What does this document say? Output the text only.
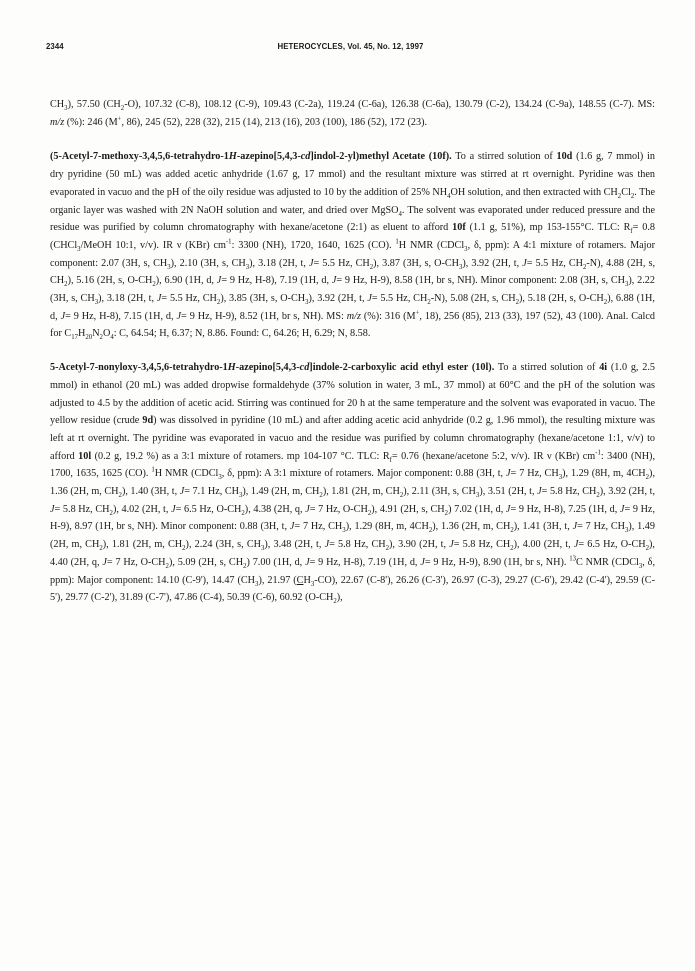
2344	HETEROCYCLES, Vol. 45, No. 12, 1997

$CH_3$), 57.50 $(CH_2-O)$, 107.32 (C-8), 108.12 (C-9), 109.43 (C-2a), 119.24 (C-6a), 126.38 (C-6a), 130.79 (C-2), 134.24 (C-9a), 148.55 (C-7). MS: m/z (%): 246 (M+, 86), 245 (52), 228 (32), 215 (14), 213 (16), 203 (100), 186 (52), 172 (23).

(5-Acetyl-7-methoxy-3,4,5,6-tetrahydro-1H-azepino[5,4,3-cd]indol-2-yl)methyl Acetate (10f). To a stirred solution of 10d (1.6 g, 7 mmol) in dry pyridine (50 mL) was added acetic anhydride (1.67 g, 17 mmol) and the resultant mixture was stirred at rt overnight. Pyridine was then evaporated in vacuo and the pH of the oily residue was adjusted to 10 by the addition of 25% $NH_4OH$ solution, and then extracted with $CH_2Cl_2$. The organic layer was washed with 2N NaOH solution and water, and dried over MgSO$_4$. The solvent was evaporated under reduced pressure and the residue was purified by column chromatography with hexane/acetone (2:1) as eluent to afford 10f (1.1 g, 51%), mp 153-155°C. TLC: $R_f= 0.8$ (CHCl$_3$/MeOH 10:1, v/v). IR ν (KBr) $cm^{-1}$: 3300 (NH), 1720, 1640, 1625 (CO). $^1$H NMR (CDCl$_3$, δ, ppm): A 4:1 mixture of rotamers. Major component: 2.07 (3H, s, $CH_3$), 2.10 (3H, s, $CH_3$), 3.18 (2H, t, J= 5.5 Hz, $CH_2$), 3.87 (3H, s, $O-CH_3$), 3.92 (2H, t, J= 5.5 Hz, $CH_2-N$), 4.88 (2H, s, $CH_2$), 5.16 (2H, s, $O-CH_2$), 6.90 (1H, d, J= 9 Hz, H-8), 7.19 (1H, d, J= 9 Hz, H-9), 8.58 (1H, br s, NH). Minor component: 2.08 (3H, s, $CH_3$), 2.22 (3H, s, $CH_3$), 3.18 (2H, t, J= 5.5 Hz, $CH_2$), 3.85 (3H, s, $O-CH_3$), 3.92 (2H, t, J= 5.5 Hz, $CH_2-N$), 5.08 (2H, s, $CH_2$), 5.18 (2H, s, $O-CH_2$), 6.88 (1H, d, J= 9 Hz, H-8), 7.15 (1H, d, J= 9 Hz, H-9), 8.52 (1H, br s, NH). MS: m/z (%): 316 (M+, 18), 256 (85), 213 (33), 197 (52), 43 (100). Anal. Calcd for $C_{17}H_{20}N_2O_4$: C, 64.54; H, 6.37; N, 8.86. Found: C, 64.26; H, 6.29; N, 8.58.

5-Acetyl-7-nonyloxy-3,4,5,6-tetrahydro-1H-azepino[5,4,3-cd]indole-2-carboxylic acid ethyl ester (10l). To a stirred solution of 4i (1.0 g, 2.5 mmol) in ethanol (20 mL) was added dropwise formaldehyde (37% solution in water, 3 mL, 37 mmol) at 60°C and the pH of the solution was adjusted to 4.5 by the addition of acetic acid. Stirring was continued for 20 h at the same temperature and the solvent was evaporated in vacuo. The yellow residue (crude 9d) was dissolved in pyridine (10 mL) and after adding acetic acid anhydride (0.2 g, 1.96 mmol), the resulting mixture was left at rt overnight. The pyridine was evaporated in vacuo and the residue was purified by column chromatography (hexane/acetone 1:1, v/v) to afford 10l (0.2 g, 19.2 %) as a 3:1 mixture of rotamers. mp 104-107 °C. TLC: $R_f= 0.76$ (hexane/acetone 5:2, v/v). IR ν (KBr) $cm^{-1}$: 3400 (NH), 1700, 1635, 1625 (CO). $^1$H NMR (CDCl$_3$, δ, ppm): A 3:1 mixture of rotamers. Major component: 0.88 (3H, t, J= 7 Hz, $CH_3$), 1.29 (8H, m, $4CH_2$), 1.36 (2H, m, $CH_2$), 1.40 (3H, t, J= 7.1 Hz, $CH_3$), 1.49 (2H, m, $CH_2$), 1.81 (2H, m, $CH_2$), 2.11 (3H, s, $CH_3$), 3.51 (2H, t, J= 5.8 Hz, $CH_2$), 3.92 (2H, t, J= 5.8 Hz, $CH_2$), 4.02 (2H, t, J= 6.5 Hz, $O-CH_2$), 4.38 (2H, q, J= 7 Hz, $O-CH_2$), 4.91 (2H, s, $CH_2$) 7.02 (1H, d, J= 9 Hz, H-8), 7.25 (1H, d, J= 9 Hz, H-9), 8.97 (1H, br s, NH). Minor component: 0.88 (3H, t, J= 7 Hz, $CH_3$), 1.29 (8H, m, $4CH_2$), 1.36 (2H, m, $CH_2$), 1.41 (3H, t, J= 7 Hz, $CH_3$), 1.49 (2H, m, $CH_2$), 1.81 (2H, m, $CH_2$), 2.24 (3H, s, $CH_3$), 3.48 (2H, t, J= 5.8 Hz, $CH_2$), 3.90 (2H, t, J= 5.8 Hz, $CH_2$), 4.00 (2H, t, J= 6.5 Hz, $O-CH_2$), 4.40 (2H, q, J= 7 Hz, $O-CH_2$), 5.09 (2H, s, $CH_2$) 7.00 (1H, d, J= 9 Hz, H-8), 7.19 (1H, d, J= 9 Hz, H-9), 8.90 (1H, br s, NH). $^{13}$C NMR (CDCl$_3$, δ, ppm): Major component: 14.10 (C-9'), 14.47 $(CH_3)$, 21.97 $(CH_3-CO)$, 22.67 (C-8'), 26.26 (C-3'), 26.97 (C-3), 29.27 (C-6'), 29.42 (C-4'), 29.59 (C-5'), 29.77 (C-2'), 31.89 (C-7'), 47.86 (C-4), 50.39 (C-6), 60.92 $(O-CH_2)$,
